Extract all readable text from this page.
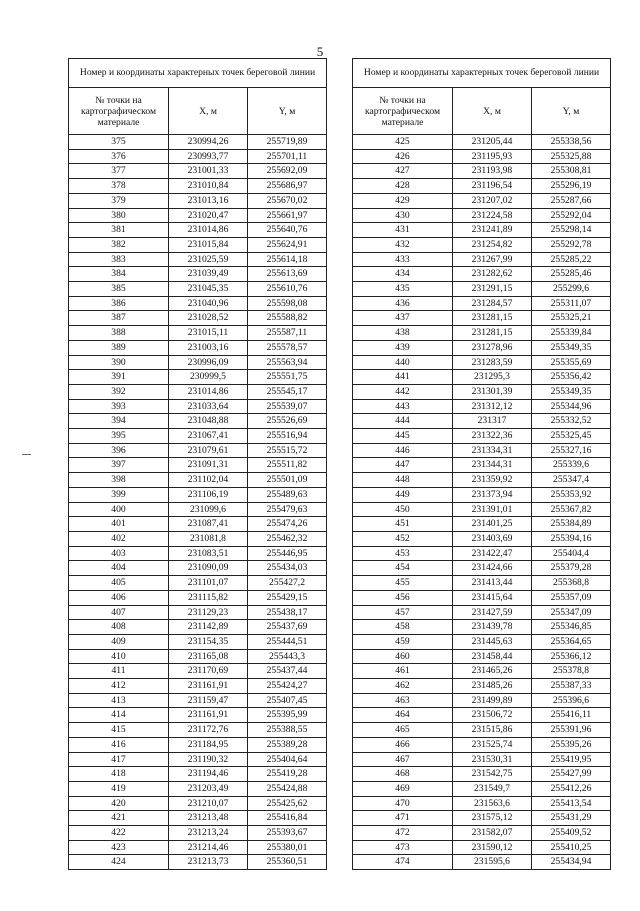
5
Номер и координаты характерных точек береговой линии		
№ точки на картографическом материале	X, м	Y, м
375	230994,26	255719,89
376	230993,77	255701,11
377	231001,33	255692,09
378	231010,84	255686,97
379	231013,16	255670,02
380	231020,47	255661,97
381	231014,86	255640,76
382	231015,84	255624,91
383	231025,59	255614,18
384	231039,49	255613,69
385	231045,35	255610,76
386	231040,96	255598,08
387	231028,52	255588,82
388	231015,11	255587,11
389	231003,16	255578,57
390	230996,09	255563,94
391	230999,5	255551,75
392	231014,86	255545,17
393	231033,64	255539,07
394	231048,88	255526,69
395	231067,41	255516,94
396	231079,61	255515,72
397	231091,31	255511,82
398	231102,04	255501,09
399	231106,19	255489,63
400	231099,6	255479,63
401	231087,41	255474,26
402	231081,8	255462,32
403	231083,51	255446,95
404	231090,09	255434,03
405	231101,07	255427,2
406	231115,82	255429,15
407	231129,23	255438,17
408	231142,89	255437,69
409	231154,35	255444,51
410	231165,08	255443,3
411	231170,69	255437,44
412	231161,91	255424,27
413	231159,47	255407,45
414	231161,91	255395,99
415	231172,76	255388,55
416	231184,95	255389,28
417	231190,32	255404,64
418	231194,46	255419,28
419	231203,49	255424,88
420	231210,07	255425,62
421	231213,48	255416,84
422	231213,24	255393,67
423	231214,46	255380,01
424	231213,73	255360,51
Номер и координаты характерных точек береговой линии		
№ точки на картографическом материале	X, м	Y, м
425	231205,44	255338,56
426	231195,93	255325,88
427	231193,98	255308,81
428	231196,54	255296,19
429	231207,02	255287,66
430	231224,58	255292,04
431	231241,89	255298,14
432	231254,82	255292,78
433	231267,99	255285,22
434	231282,62	255285,46
435	231291,15	255299,6
436	231284,57	255311,07
437	231281,15	255325,21
438	231281,15	255339,84
439	231278,96	255349,35
440	231283,59	255355,69
441	231295,3	255356,42
442	231301,39	255349,35
443	231312,12	255344,96
444	231317	255332,52
445	231322,36	255325,45
446	231334,31	255327,16
447	231344,31	255339,6
448	231359,92	255347,4
449	231373,94	255353,92
450	231391,01	255367,82
451	231401,25	255384,89
452	231403,69	255394,16
453	231422,47	255404,4
454	231424,66	255379,28
455	231413,44	255368,8
456	231415,64	255357,09
457	231427,59	255347,09
458	231439,78	255346,85
459	231445,63	255364,65
460	231458,44	255366,12
461	231465,26	255378,8
462	231485,26	255387,33
463	231499,89	255396,6
464	231506,72	255416,11
465	231515,86	255391,96
466	231525,74	255395,26
467	231530,31	255419,95
468	231542,75	255427,99
469	231549,7	255412,26
470	231563,6	255413,54
471	231575,12	255431,29
472	231582,07	255409,52
473	231590,12	255410,25
474	231595,6	255434,94
